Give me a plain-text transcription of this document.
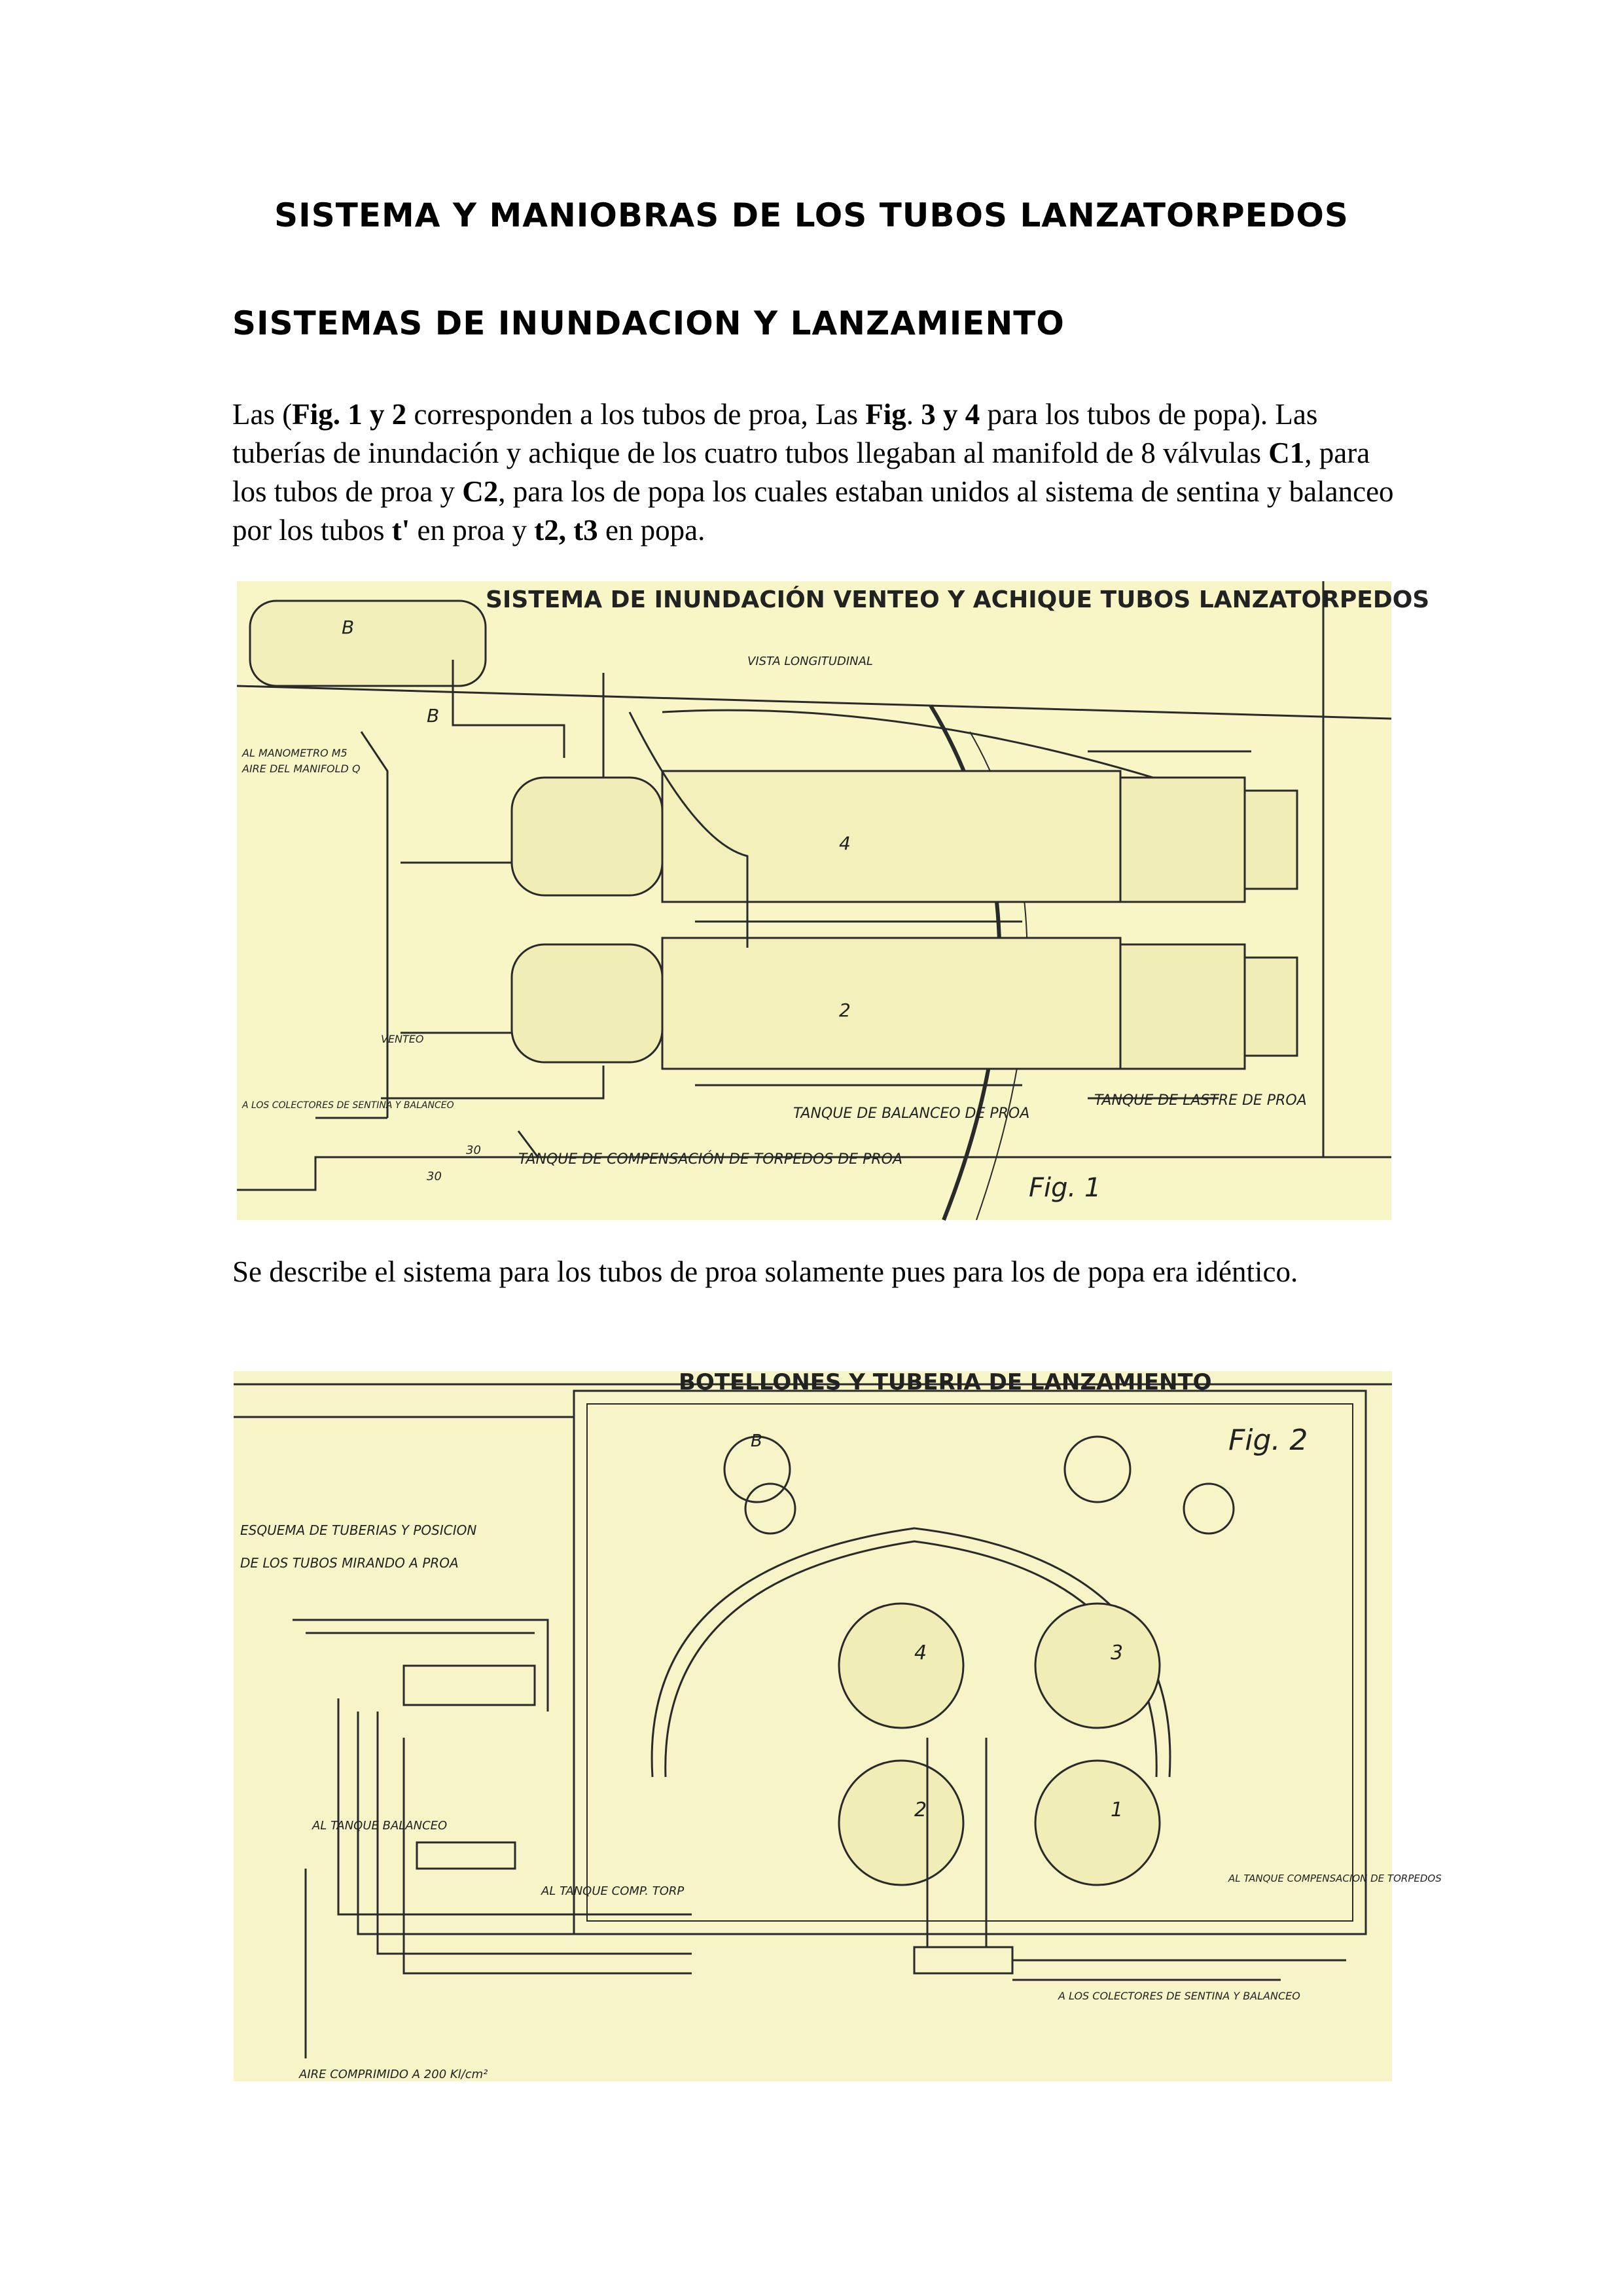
SISTEMA Y MANIOBRAS DE LOS TUBOS LANZATORPEDOS
SISTEMAS DE INUNDACION Y LANZAMIENTO
Las (Fig. 1 y 2 corresponden a los tubos de proa, Las Fig. 3 y 4 para los tubos de popa). Las tuberías de inundación y achique de los cuatro tubos llegaban al manifold de 8 válvulas C1, para los tubos de proa y C2, para los de popa los cuales estaban unidos al sistema de sentina y balanceo por los tubos t' en proa y t2, t3 en popa.
SISTEMA DE INUNDACIÓN VENTEO Y ACHIQUE TUBOS LANZATORPEDOS
VISTA LONGITUDINAL
B
B
AL MANOMETRO M5
AIRE DEL MANIFOLD Q
VENTEO
A LOS COLECTORES DE SENTINA Y BALANCEO
TANQUE DE COMPENSACIÓN DE TORPEDOS DE PROA
TANQUE DE BALANCEO DE PROA
TANQUE DE LASTRE DE PROA
4
2
30
30	Fig. 1
Se describe el sistema para los tubos de proa solamente pues para los de popa era idéntico.
BOTELLONES Y TUBERIA DE LANZAMIENTO
Fig. 2
ESQUEMA DE TUBERIAS Y POSICION
DE LOS TUBOS MIRANDO A PROA
AL TANQUE BALANCEO
AL TANQUE COMP. TORP
AIRE COMPRIMIDO A 200 Kl/cm²
AL TANQUE COMPENSACION DE TORPEDOS
A LOS COLECTORES DE SENTINA Y BALANCEO
4	3
2	1
B
